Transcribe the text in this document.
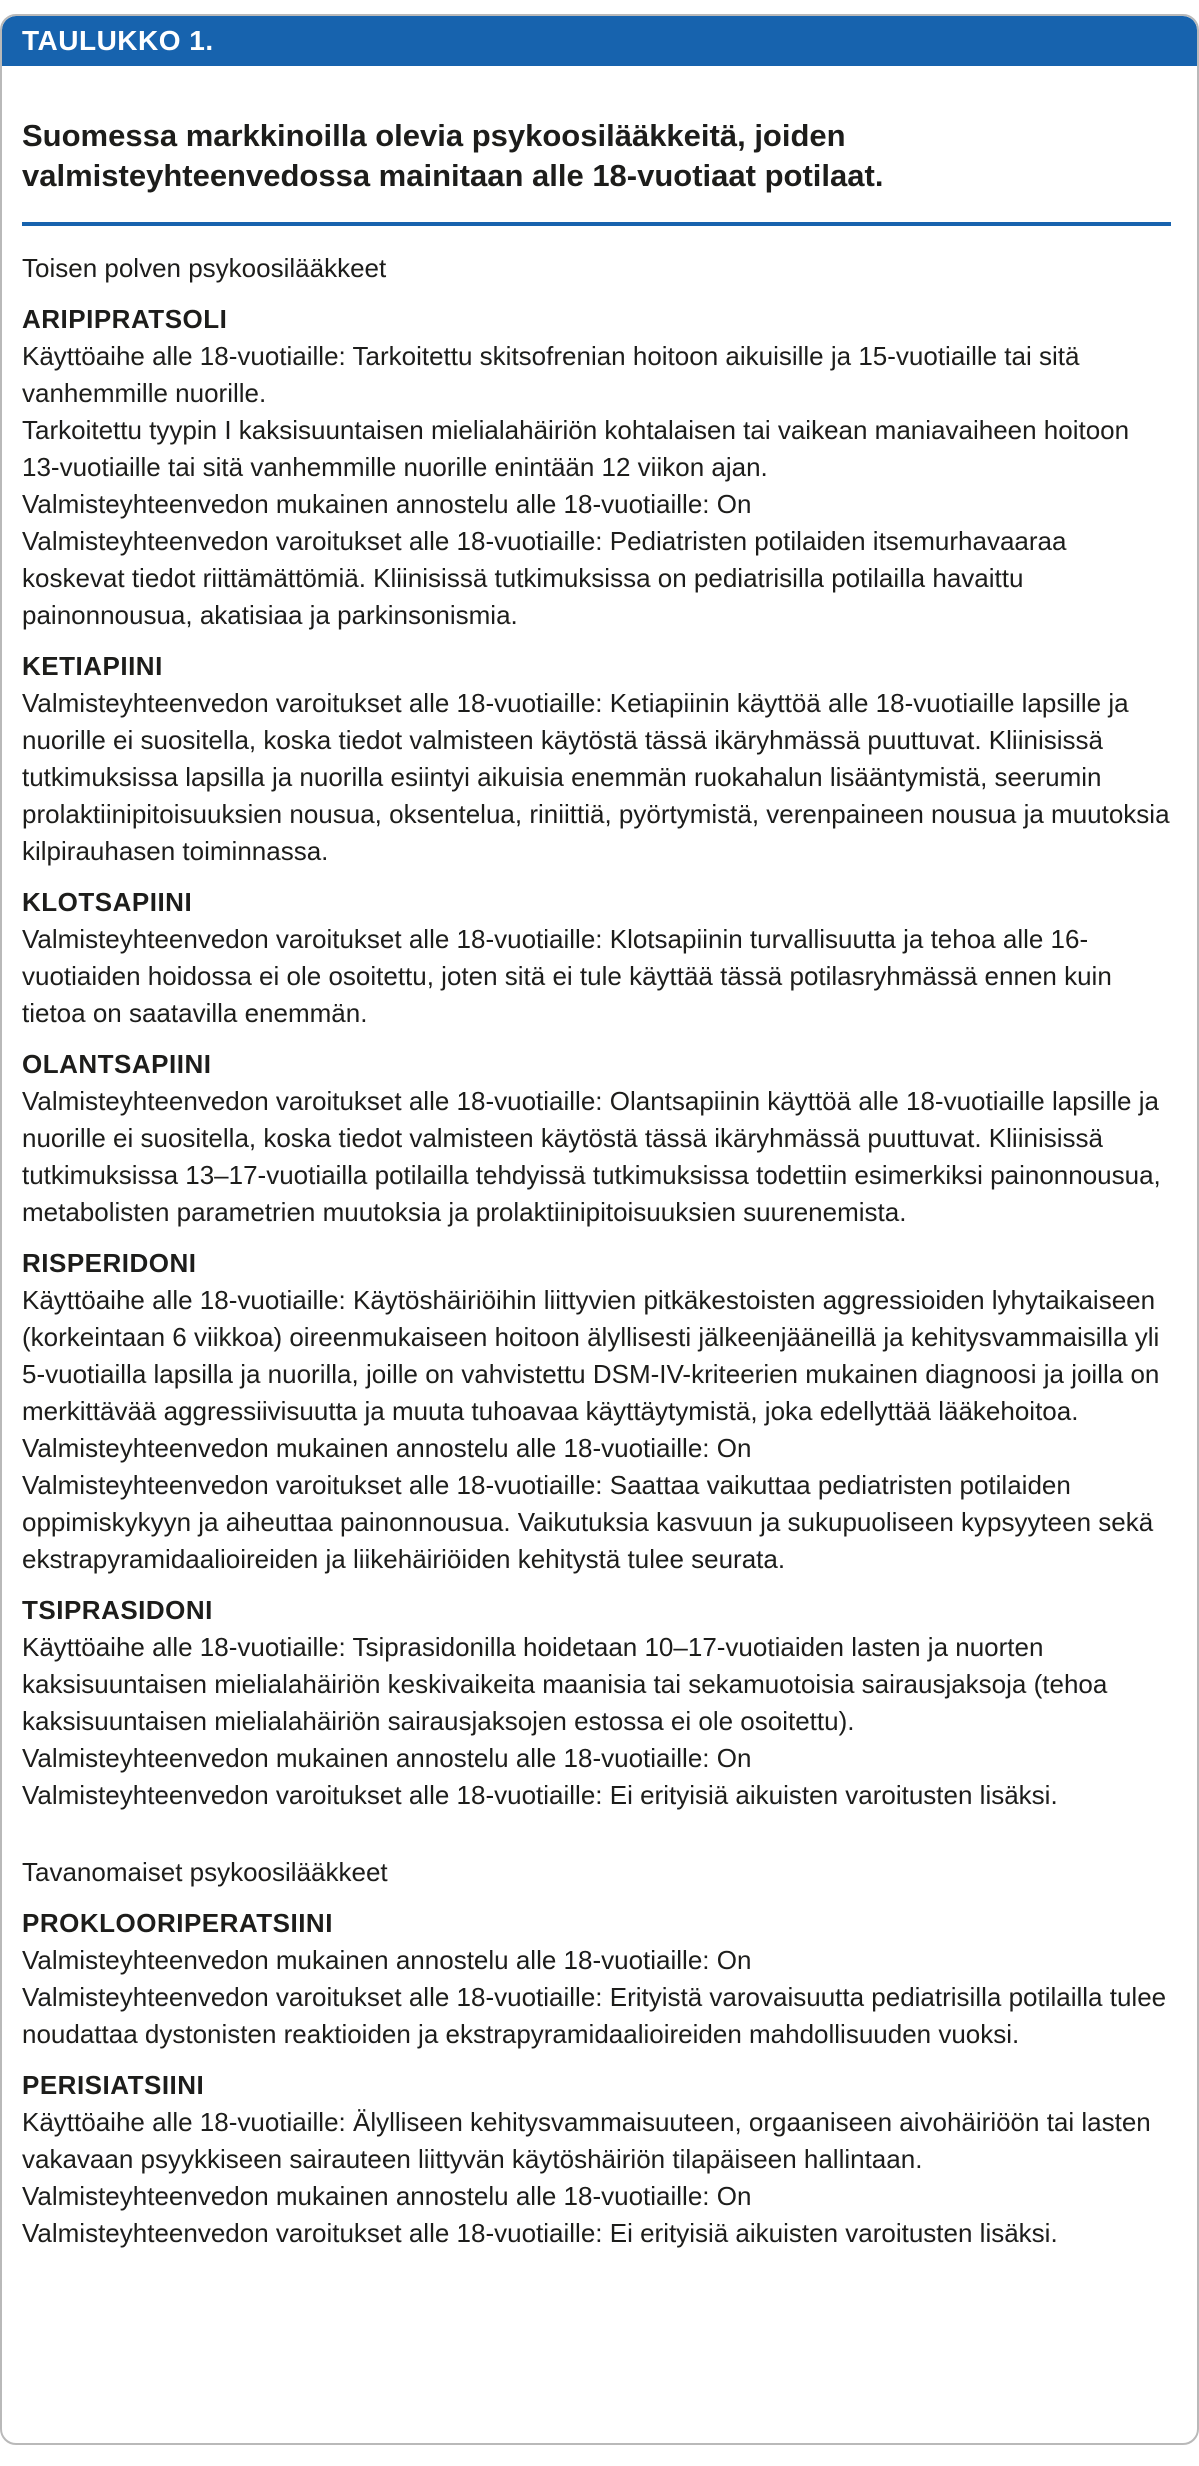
TAULUKKO 1.
Suomessa markkinoilla olevia psykoosilääkkeitä, joiden valmisteyhteenvedossa mainitaan alle 18-vuotiaat potilaat.
Toisen polven psykoosilääkkeet
ARIPIPRATSOLI

Käyttöaihe alle 18-vuotiaille: Tarkoitettu skitsofrenian hoitoon aikuisille ja 15-vuotiaille tai sitä vanhemmille nuorille.

Tarkoitettu tyypin I kaksisuuntaisen mielialahäiriön kohtalaisen tai vaikean maniavaiheen hoitoon 13-vuotiaille tai sitä vanhemmille nuorille enintään 12 viikon ajan.

Valmisteyhteenvedon mukainen annostelu alle 18-vuotiaille: On

Valmisteyhteenvedon varoitukset alle 18-vuotiaille: Pediatristen potilaiden itsemurhavaaraa koskevat tiedot riittämättömiä. Kliinisissä tutkimuksissa on pediatrisilla potilailla havaittu painonnousua, akatisiaa ja parkinsonismia.

KETIAPIINI

Valmisteyhteenvedon varoitukset alle 18-vuotiaille: Ketiapiinin käyttöä alle 18-vuotiaille lapsille ja nuorille ei suositella, koska tiedot valmisteen käytöstä tässä ikäryhmässä puuttuvat. Kliinisissä tutkimuksissa lapsilla ja nuorilla esiintyi aikuisia enemmän ruokahalun lisääntymistä, seerumin prolaktiinipitoisuuksien nousua, oksentelua, riniittiä, pyörtymistä, verenpaineen nousua ja muutoksia kilpirauhasen toiminnassa.

KLOTSAPIINI

Valmisteyhteenvedon varoitukset alle 18-vuotiaille: Klotsapiinin turvallisuutta ja tehoa alle 16-vuotiaiden hoidossa ei ole osoitettu, joten sitä ei tule käyttää tässä potilasryhmässä ennen kuin tietoa on saatavilla enemmän.

OLANTSAPIINI

Valmisteyhteenvedon varoitukset alle 18-vuotiaille: Olantsapiinin käyttöä alle 18-vuotiaille lapsille ja nuorille ei suositella, koska tiedot valmisteen käytöstä tässä ikäryhmässä puuttuvat. Kliinisissä tutkimuksissa 13–17-vuotiailla potilailla tehdyissä tutkimuksissa todettiin esimerkiksi painonnousua, metabolisten parametrien muutoksia ja prolaktiinipitoisuuksien suurenemista.

RISPERIDONI

Käyttöaihe alle 18-vuotiaille: Käytöshäiriöihin liittyvien pitkäkestoisten aggressioiden lyhytaikaiseen (korkeintaan 6 viikkoa) oireenmukaiseen hoitoon älyllisesti jälkeenjääneillä ja kehitysvammaisilla yli 5-vuotiailla lapsilla ja nuorilla, joille on vahvistettu DSM-IV-kriteerien mukainen diagnoosi ja joilla on merkittävää aggressiivisuutta ja muuta tuhoavaa käyttäytymistä, joka edellyttää lääkehoitoa.

Valmisteyhteenvedon mukainen annostelu alle 18-vuotiaille: On

Valmisteyhteenvedon varoitukset alle 18-vuotiaille: Saattaa vaikuttaa pediatristen potilaiden oppimiskykyyn ja aiheuttaa painonnousua. Vaikutuksia kasvuun ja sukupuoliseen kypsyyteen sekä ekstrapyramidaalioireiden ja liikehäiriöiden kehitystä tulee seurata.

TSIPRASIDONI

Käyttöaihe alle 18-vuotiaille: Tsiprasidonilla hoidetaan 10–17-vuotiaiden lasten ja nuorten kaksisuuntaisen mielialahäiriön keskivaikeita maanisia tai sekamuotoisia sairausjaksoja (tehoa kaksisuuntaisen mielialahäiriön sairausjaksojen estossa ei ole osoitettu).

Valmisteyhteenvedon mukainen annostelu alle 18-vuotiaille: On

Valmisteyhteenvedon varoitukset alle 18-vuotiaille: Ei erityisiä aikuisten varoitusten lisäksi.

Tavanomaiset psykoosilääkkeet
PROKLOORIPERATSIINI

Valmisteyhteenvedon mukainen annostelu alle 18-vuotiaille: On

Valmisteyhteenvedon varoitukset alle 18-vuotiaille: Erityistä varovaisuutta pediatrisilla potilailla tulee noudattaa dystonisten reaktioiden ja ekstrapyramidaalioireiden mahdollisuuden vuoksi.

PERISIATSIINI

Käyttöaihe alle 18-vuotiaille: Älylliseen kehitysvammaisuuteen, orgaaniseen aivohäiriöön tai lasten vakavaan psyykkiseen sairauteen liittyvän käytöshäiriön tilapäiseen hallintaan.

Valmisteyhteenvedon mukainen annostelu alle 18-vuotiaille: On

Valmisteyhteenvedon varoitukset alle 18-vuotiaille: Ei erityisiä aikuisten varoitusten lisäksi.
